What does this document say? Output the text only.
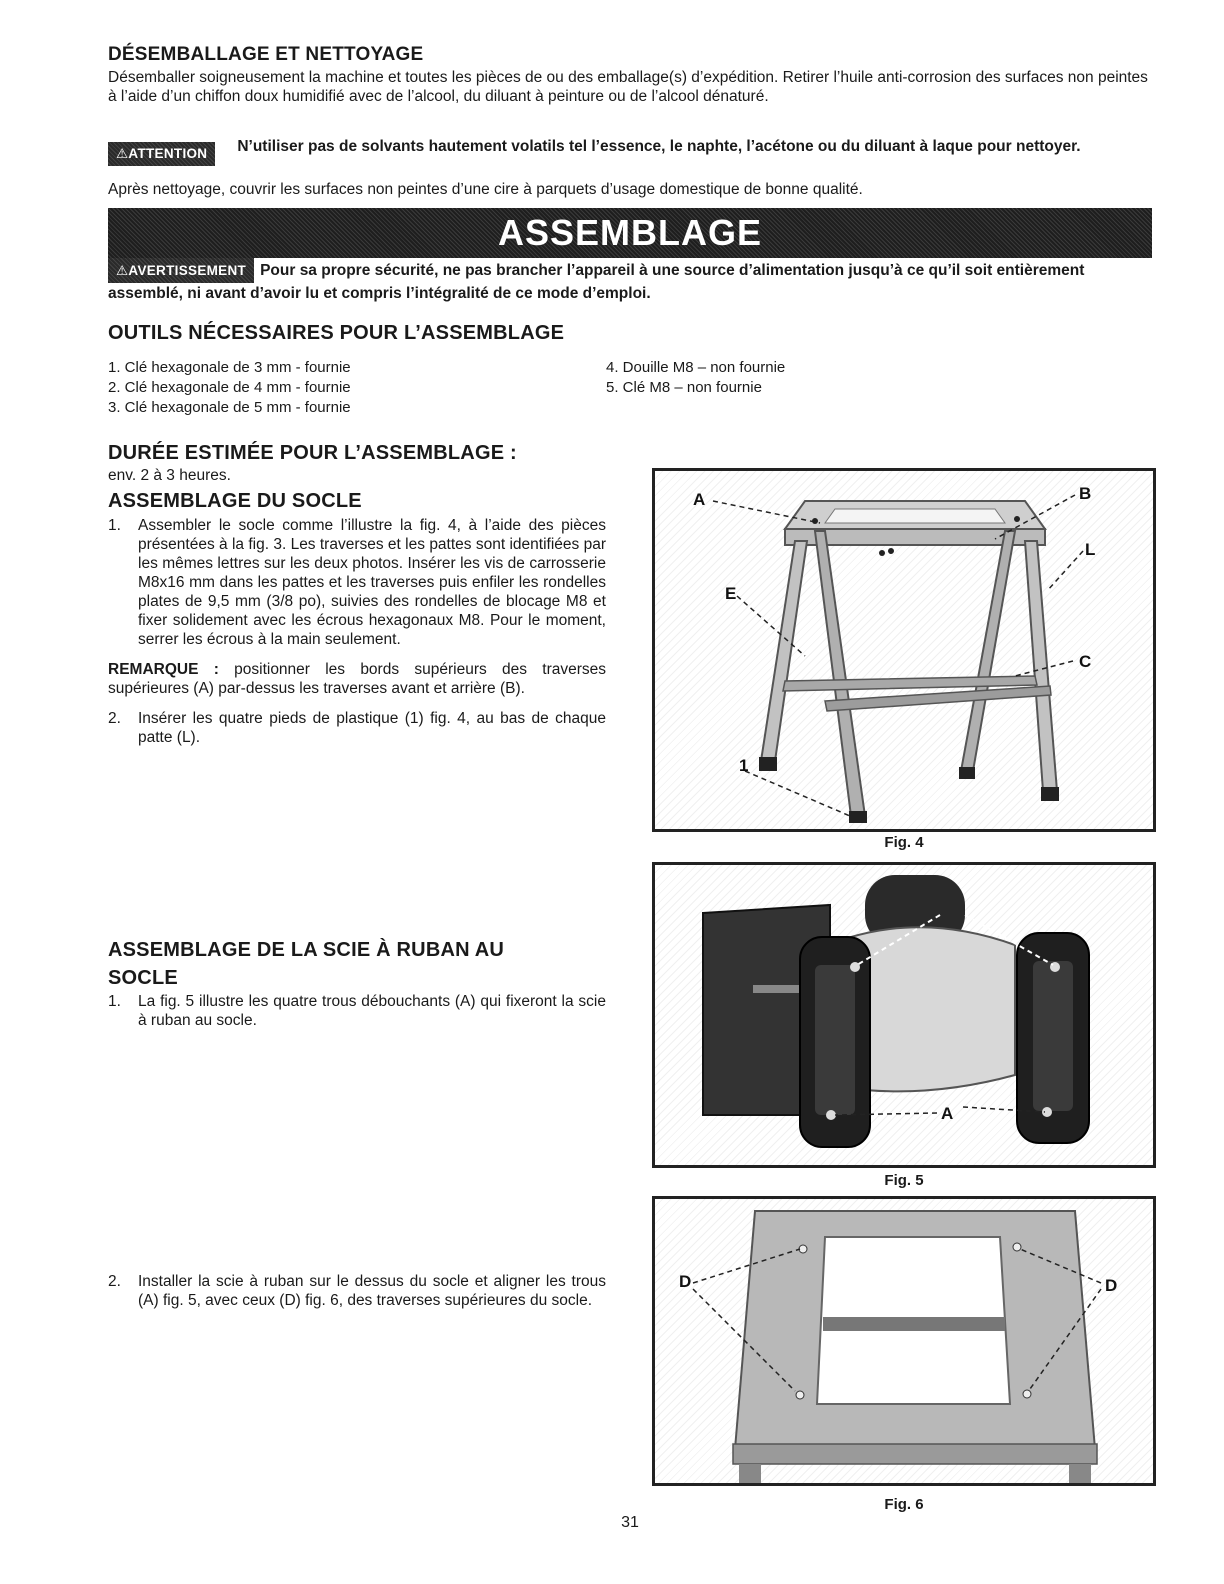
DÉSEMBALLAGE ET NETTOYAGE
Désemballer soigneusement la machine et toutes les pièces de ou des emballage(s) d’expédition. Retirer l’huile anti-corrosion des surfaces non peintes à l’aide d’un chiffon doux humidifié avec de l’alcool, du diluant à peinture ou de l’alcool dénaturé.
⚠ATTENTION	N’utiliser pas de solvants hautement volatils tel l’essence, le naphte, l’acétone ou du diluant à laque pour nettoyer.
Après nettoyage, couvrir les surfaces non peintes d’une cire à parquets d’usage domestique de bonne qualité.
ASSEMBLAGE
⚠AVERTISSEMENT Pour sa propre sécurité, ne pas brancher l’appareil à une source d’alimentation jusqu’à ce qu’il soit entièrement assemblé, ni avant d’avoir lu et compris l’intégralité de ce mode d’emploi.
OUTILS NÉCESSAIRES POUR L’ASSEMBLAGE
1. Clé hexagonale de 3 mm - fournie
2. Clé hexagonale de 4 mm - fournie
3. Clé hexagonale de 5 mm - fournie
4. Douille M8 – non fournie
5. Clé M8 – non fournie
DURÉE ESTIMÉE POUR L’ASSEMBLAGE :
env. 2 à 3 heures.
ASSEMBLAGE DU SOCLE
1.	Assembler le socle comme l’illustre la fig. 4, à l’aide des pièces présentées à la fig. 3. Les traverses et les pattes sont identifiées par les mêmes lettres sur les deux photos. Insérer les vis de carrosserie M8x16 mm dans les pattes et les traverses puis enfiler les rondelles plates de 9,5 mm (3/8 po), suivies des rondelles de blocage M8 et fixer solidement avec les écrous hexagonaux M8. Pour le moment, serrer les écrous à la main seulement.
REMARQUE : positionner les bords supérieurs des traverses supérieures (A) par-dessus les traverses avant et arrière (B).
2.	Insérer les quatre pieds de plastique (1) fig. 4, au bas de chaque patte (L).
ASSEMBLAGE DE LA SCIE À RUBAN AU
SOCLE
1.	La fig. 5 illustre les quatre trous débouchants (A) qui fixeront la scie à ruban au socle.
2.	Installer la scie à ruban sur le dessus du socle et aligner les trous (A) fig. 5, avec ceux (D) fig. 6, des traverses supérieures du socle.
A	B
L
E
C
1
Fig. 4
A
Fig. 5
D	D
Fig. 6
31
